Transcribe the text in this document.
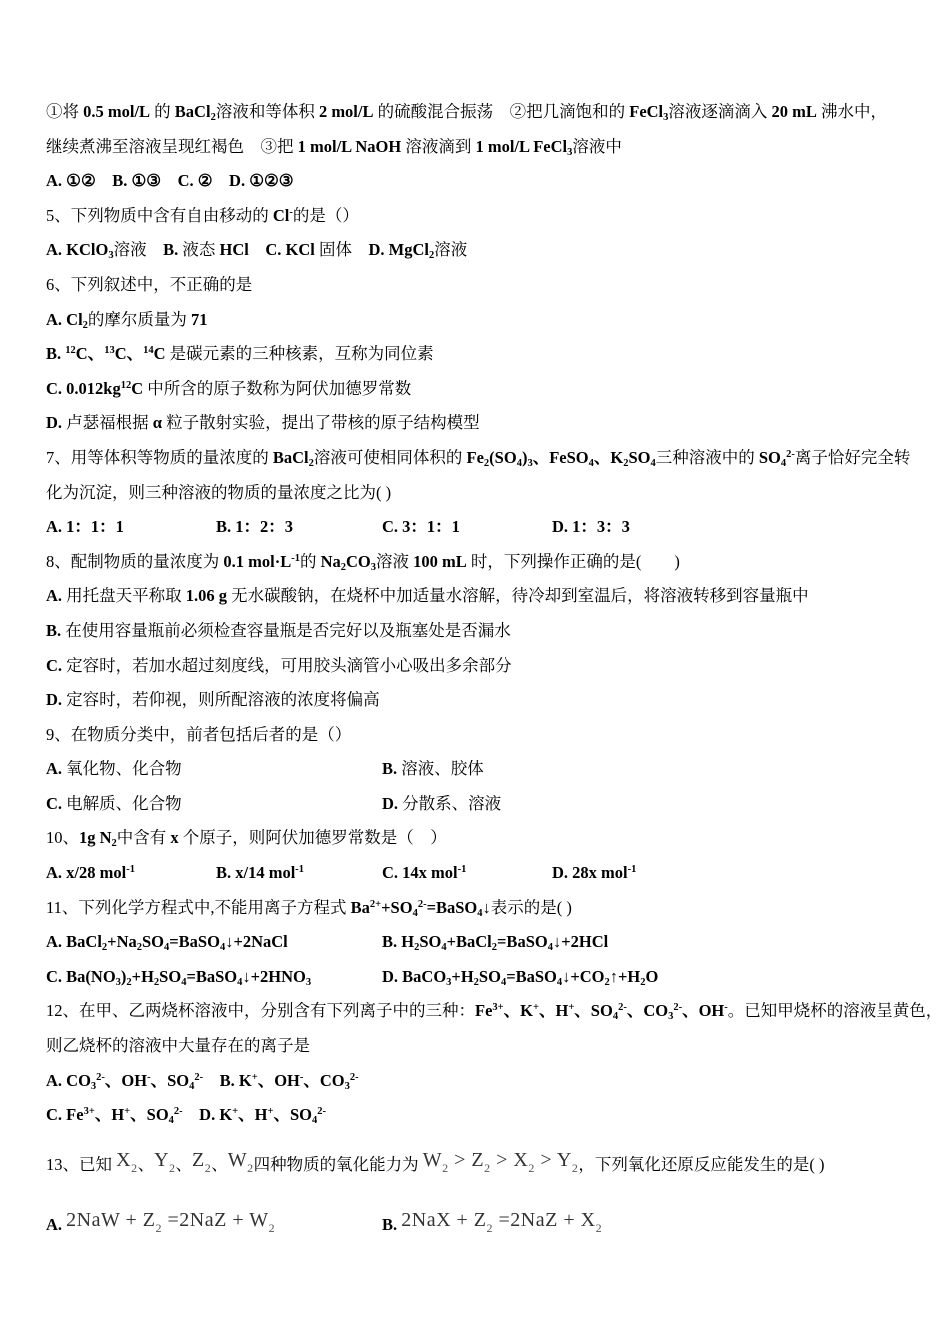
①将 0.5 mol/L 的 BaCl$_2$溶液和等体积 2 mol/L 的硫酸混合振荡　②把几滴饱和的 FeCl$_3$溶液逐滴滴入 20 mL 沸水中，
继续煮沸至溶液呈现红褐色　③把 1 mol/L NaOH 溶液滴到 1 mol/L FeCl$_3$溶液中
A. ①②　B. ①③　C. ②　D. ①②③
5、下列物质中含有自由移动的 Cl-的是（）
A. KClO$_3$溶液　B. 液态 HCl　 C. KCl 固体　D. MgCl$_2$溶液
6、下列叙述中，不正确的是
A. $Cl_2$的摩尔质量为 71
B. $^{12}$C、$^{13}$C、$^{14}$C 是碳元素的三种核素，互称为同位素
C. $0.012kg^{12}C$ 中所含的原子数称为阿伏加德罗常数
D. 卢瑟福根据 α 粒子散射实验，提出了带核的原子结构模型
7、用等体积等物质的量浓度的 BaCl$_2$溶液可使相同体积的 $Fe_2(SO_4)_3$、FeSO$_4$、$K_2SO_4$三种溶液中的 $SO_4^{2-}$离子恰好完全转
化为沉淀，则三种溶液的物质的量浓度之比为( )
A. 1：1：1	B. 1：2：3	C. 3：1：1	D. 1：3：3
8、配制物质的量浓度为 0.1 $mol\cdot L^{-1}$的 $Na_2CO_3$溶液 100 mL 时，下列操作正确的是(　　)
A. 用托盘天平称取 1.06 g 无水碳酸钠，在烧杯中加适量水溶解，待冷却到室温后，将溶液转移到容量瓶中
B. 在使用容量瓶前必须检查容量瓶是否完好以及瓶塞处是否漏水
C. 定容时，若加水超过刻度线，可用胶头滴管小心吸出多余部分
D. 定容时，若仰视，则所配溶液的浓度将偏高
9、在物质分类中，前者包括后者的是（）
A. 氧化物、化合物	B. 溶液、胶体
C. 电解质、化合物	D. 分散系、溶液
10、1g $N_2$中含有 x 个原子，则阿伏加德罗常数是（　）
A. x/28 mol$^{-1}$	B. x/14 mol$^{-1}$	C. 14x mol$^{-1}$	D. 28x mol$^{-1}$
11、下列化学方程式中,不能用离子方程式 $Ba^{2+}+SO_4^{2-}=BaSO_4↓$表示的是( )
A. $BaCl_2+Na_2SO_4=BaSO_4↓+2NaCl$	B. $H_2SO_4+BaCl_2=BaSO_4↓+2HCl$
C. $Ba(NO_3)_2+H_2SO_4=BaSO_4↓+2HNO_3$	D. $BaCO_3+H_2SO_4=BaSO_4↓+CO_2↑+H_2O$
12、在甲、乙两烧杯溶液中，分别含有下列离子中的三种：$Fe^{3+}$、K+、H+、$SO_4^{2-}$、$CO_3^{2-}$、OH-。已知甲烧杯的溶液呈黄色，
则乙烧杯的溶液中大量存在的离子是
A. $CO_3^{2-}$、OH-、$SO_4^{2-}$　 B. K+、OH-、$CO_3^{2-}$
C. $Fe^{3+}$、H+、$SO_4^{2-}$　 D. K+、H+、$SO_4^{2-}$
13、已知 $X_2$、$Y_2$、$Z_2$、$W_2$四种物质的氧化能力为 $W_2 > Z_2 > X_2 > Y_2$，下列氧化还原反应能发生的是( )
A. $2NaW + Z_2 =2NaZ + W_2$	B. $2NaX + Z_2 =2NaZ + X_2$
